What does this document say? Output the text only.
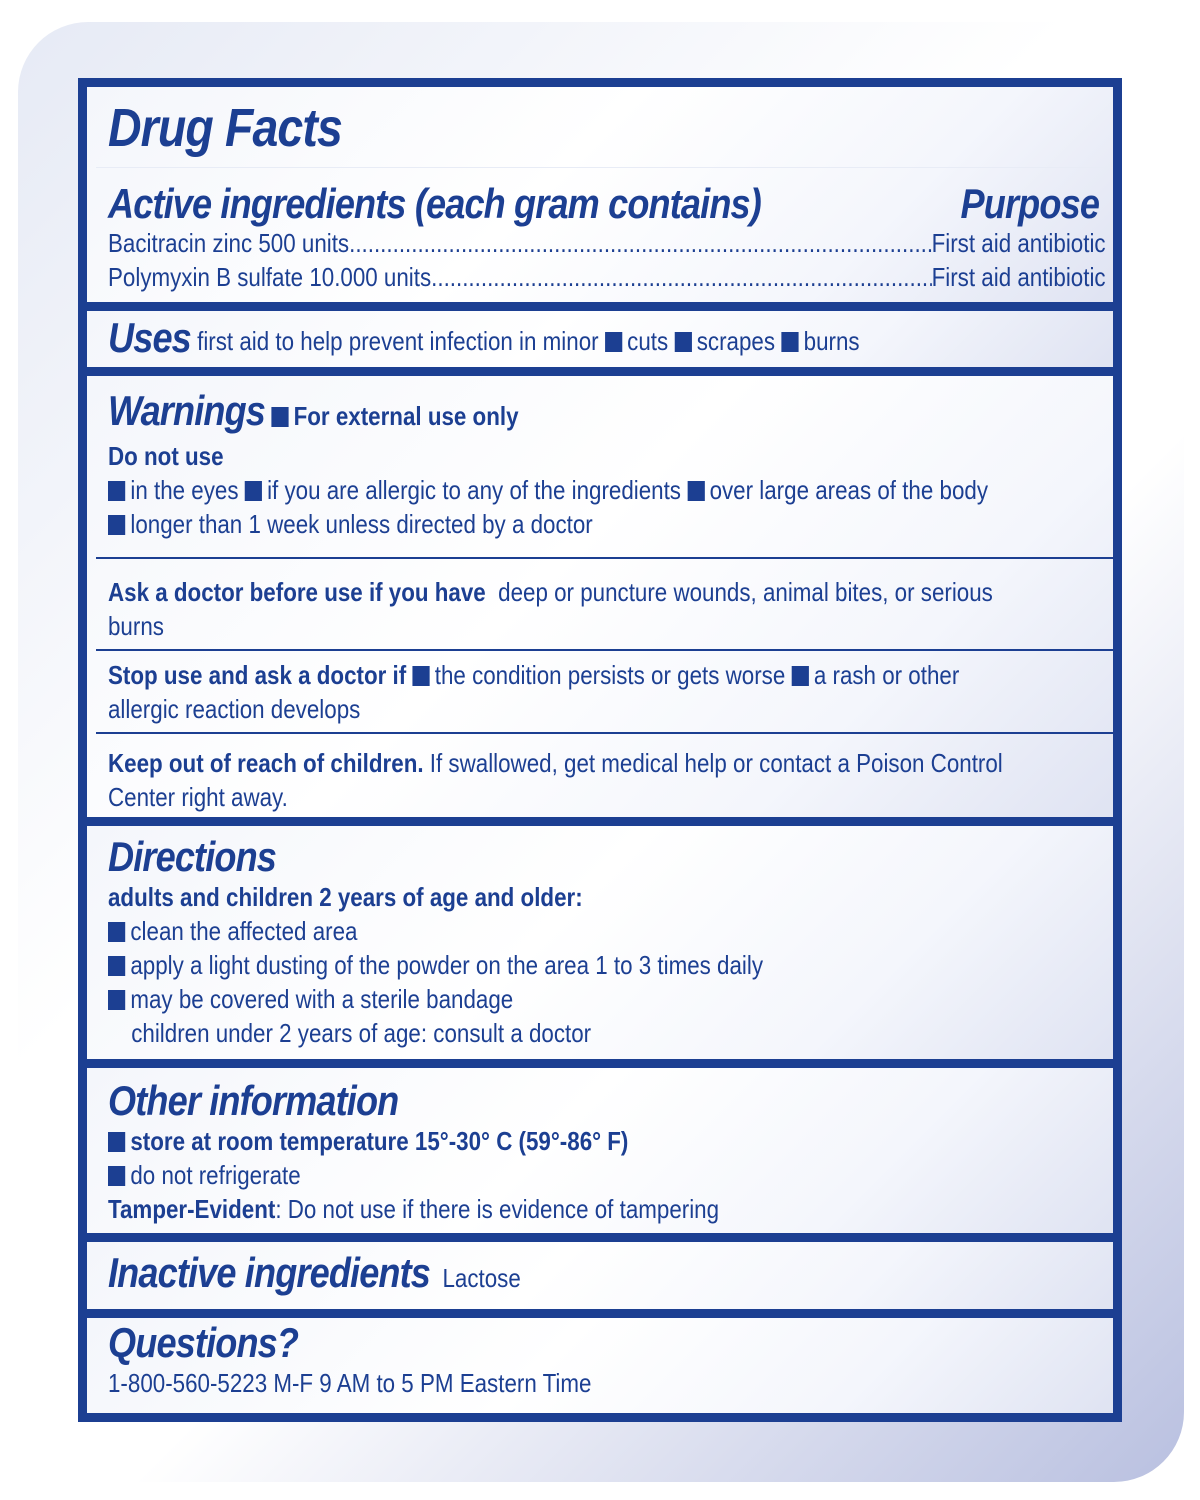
Drug Facts
Active ingredients (each gram contains)	Purpose
Bacitracin zinc 500 units .....	First aid antibiotic
Polymyxin B sulfate 10.000 units .....	First aid antibiotic
Uses first aid to help prevent infection in minor cuts scrapes burns
Warnings For external use only
Do not use
in the eyes if you are allergic to any of the ingredients over large areas of the body
longer than 1 week unless directed by a doctor
Ask a doctor before use if you have deep or puncture wounds, animal bites, or serious
burns
Stop use and ask a doctor if the condition persists or gets worse a rash or other
allergic reaction develops
Keep out of reach of children. If swallowed, get medical help or contact a Poison Control
Center right away.
Directions
adults and children 2 years of age and older:
clean the affected area
apply a light dusting of the powder on the area 1 to 3 times daily
may be covered with a sterile bandage
children under 2 years of age: consult a doctor
Other information
store at room temperature 15°-30° C (59°-86° F)
do not refrigerate
Tamper-Evident: Do not use if there is evidence of tampering
Inactive ingredients Lactose
Questions?
1-800-560-5223 M-F 9 AM to 5 PM Eastern Time
